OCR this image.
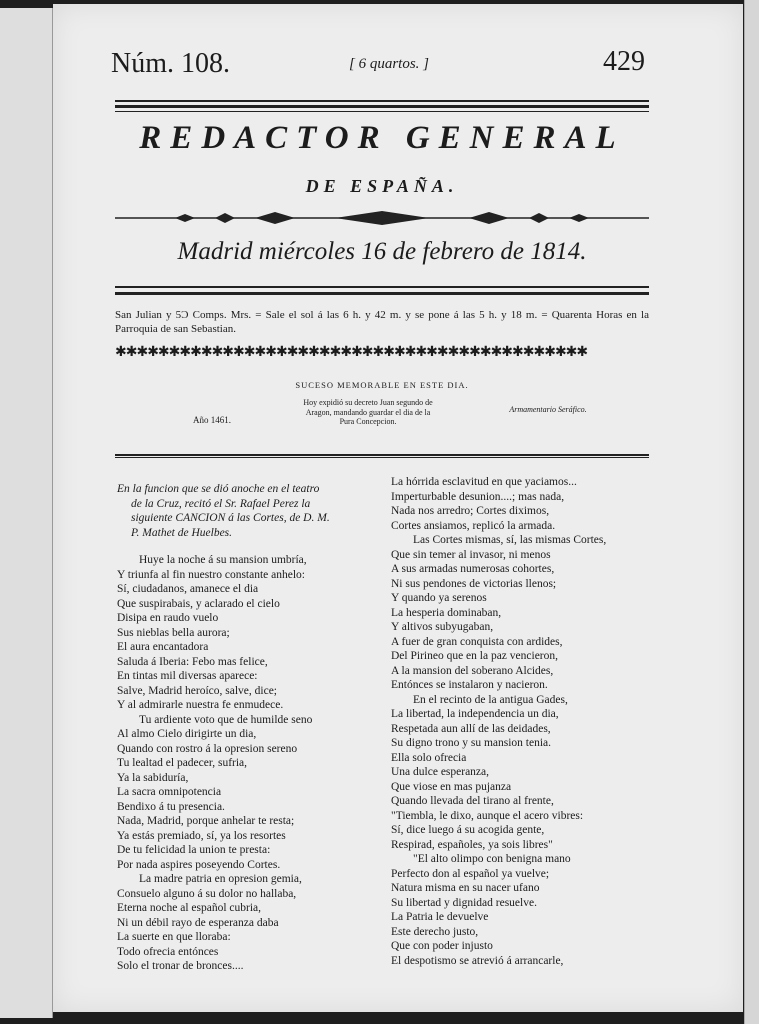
Núm. 108.	[ 6 quartos. ]	429
REDACTOR GENERAL
DE ESPAÑA.
Madrid miércoles 16 de febrero de 1814.
San Julian y 5Ɔ Comps. Mrs. = Sale el sol á las 6 h. y 42 m. y se pone á las 5 h. y 18 m. = Quarenta Horas en la Parroquia de san Sebastian.
✱✱✱✱✱✱✱✱✱✱✱✱✱✱✱✱✱✱✱✱✱✱✱✱✱✱✱✱✱✱✱✱✱✱✱✱✱✱✱✱✱✱✱✱
SUCESO MEMORABLE EN ESTE DIA.
Año 1461.
Hoy expidió su decreto Juan segundo de Aragon, mandando guardar el dia de la Pura Concepcion.
Armamentario Seráfico.
En la funcion que se dió anoche en el teatro
de la Cruz, recitó el Sr. Rafael Perez la
siguiente CANCION á las Cortes, de D. M.
P. Mathet de Huelbes.
Huye la noche á su mansion umbría,
Y triunfa al fin nuestro constante anhelo:
Sí, ciudadanos, amanece el dia
Que suspirabais, y aclarado el cielo
Disipa en raudo vuelo
Sus nieblas bella aurora;
El aura encantadora
Saluda á Iberia: Febo mas felice,
En tintas mil diversas aparece:
Salve, Madrid heroíco, salve, dice;
Y al admirarle nuestra fe enmudece.
Tu ardiente voto que de humilde seno
Al almo Cielo dirigirte un dia,
Quando con rostro á la opresion sereno
Tu lealtad el padecer, sufria,
Ya la sabiduría,
La sacra omnipotencia
Bendixo á tu presencia.
Nada, Madrid, porque anhelar te resta;
Ya estás premiado, sí, ya los resortes
De tu felicidad la union te presta:
Por nada aspires poseyendo Cortes.
La madre patria en opresion gemia,
Consuelo alguno á su dolor no hallaba,
Eterna noche al español cubria,
Ni un débil rayo de esperanza daba
La suerte en que lloraba:
Todo ofrecia entónces
Solo el tronar de bronces....
La hórrida esclavitud en que yaciamos...
Imperturbable desunion....; mas nada,
Nada nos arredro; Cortes diximos,
Cortes ansiamos, replicó la armada.
Las Cortes mismas, sí, las mismas Cortes,
Que sin temer al invasor, ni menos
A sus armadas numerosas cohortes,
Ni sus pendones de victorias llenos;
Y quando ya serenos
La hesperia dominaban,
Y altivos subyugaban,
A fuer de gran conquista con ardides,
Del Pirineo que en la paz vencieron,
A la mansion del soberano Alcides,
Entónces se instalaron y nacieron.
En el recinto de la antigua Gades,
La libertad, la independencia un dia,
Respetada aun allí de las deidades,
Su digno trono y su mansion tenia.
Ella solo ofrecia
Una dulce esperanza,
Que viose en mas pujanza
Quando llevada del tirano al frente,
"Tiembla, le dixo, aunque el acero vibres:
Sí, dice luego á su acogida gente,
Respirad, españoles, ya sois libres"
"El alto olimpo con benigna mano
Perfecto don al español ya vuelve;
Natura misma en su nacer ufano
Su libertad y dignidad resuelve.
La Patria le devuelve
Este derecho justo,
Que con poder injusto
El despotismo se atrevió á arrancarle,
